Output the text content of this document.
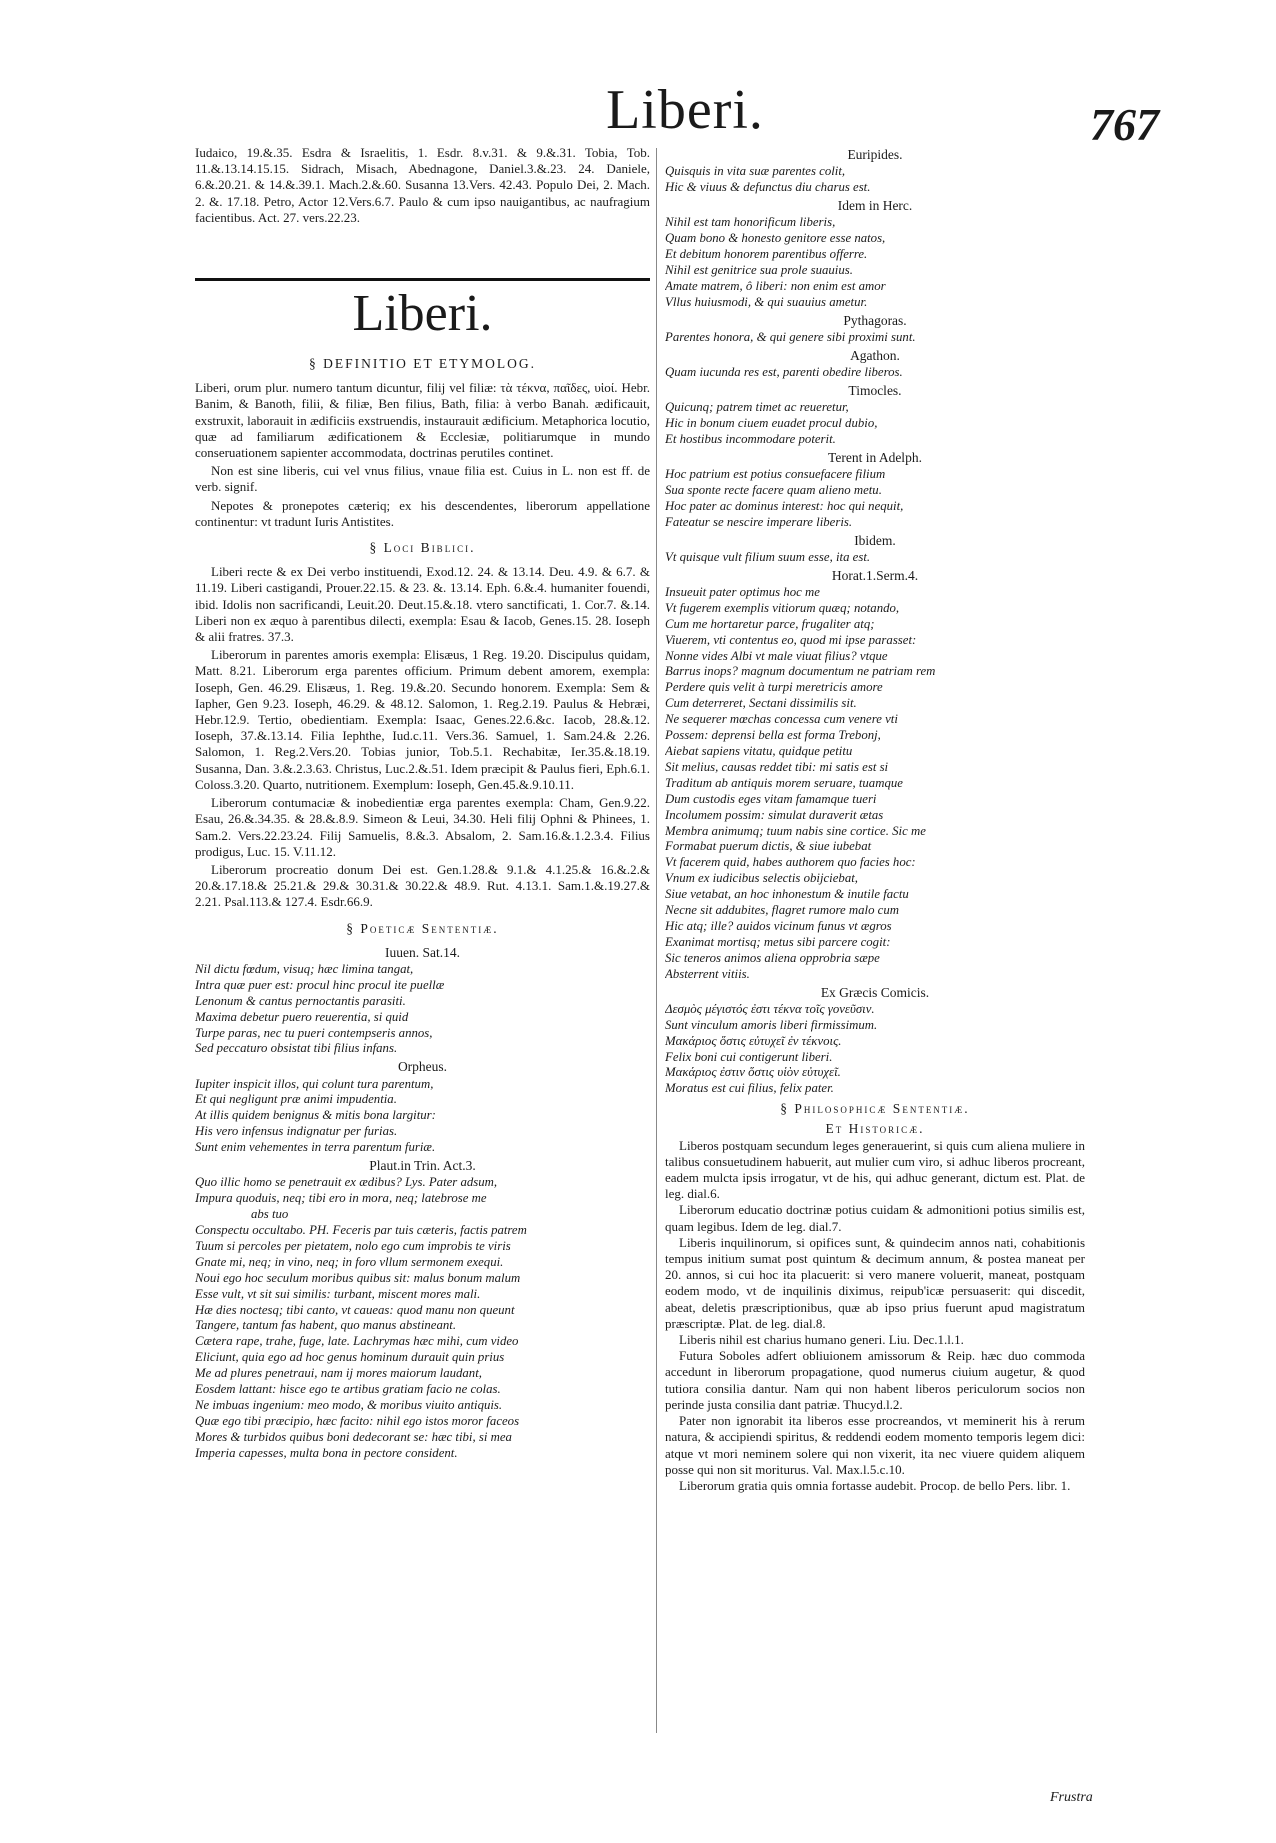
Liberi.	767

Iudaico, 19.&.35. Esdra & Israelitis, 1. Esdr. 8.v.31. & 9.&.31. Tobia, Tob. 11.&.13.14.15.15. Sidrach, Misach, Abednagone, Daniel.3.&.23. 24. Daniele, 6.&.20.21. & 14.&.39.1. Mach.2.&.60. Susanna 13.Vers. 42.43. Populo Dei, 2. Mach. 2. &. 17.18. Petro, Actor 12.Vers.6.7. Paulo & cum ipso nauigantibus, ac naufragium facientibus. Act. 27. vers.22.23.

Liberi.
§ DEFINITIO ET ETYMOLOG.

Liberi, orum plur. numero tantum dicuntur, filij vel filiæ: τὰ τέκνα, παῖδες, υἱοί. Hebr. Banim, & Banoth, filii, & filiæ, Ben filius, Bath, filia: à verbo Banah. ædificauit, exstruxit, laborauit in ædificiis exstruendis, instaurauit ædificium. Metaphorica locutio, quæ ad familiarum ædificationem & Ecclesiæ, politiarumque in mundo conseruationem sapienter accommodata, doctrinas perutiles continet.

Non est sine liberis, cui vel vnus filius, vnaue filia est. Cuius in L. non est ff. de verb. signif.

Nepotes & pronepotes cæteriq; ex his descendentes, liberorum appellatione continentur: vt tradunt Iuris Antistites.

§ Loci Biblici.

Liberi recte & ex Dei verbo instituendi, Exod.12. 24. & 13.14. Deu. 4.9. & 6.7. & 11.19. Liberi castigandi, Prouer.22.15. & 23. &. 13.14. Eph. 6.&.4. humaniter fouendi, ibid. Idolis non sacrificandi, Leuit.20. Deut.15.&.18. vtero sanctificati, 1. Cor.7. &.14. Liberi non ex æquo à parentibus dilecti, exempla: Esau & Iacob, Genes.15. 28. Ioseph & alii fratres. 37.3.

Liberorum in parentes amoris exempla: Elisæus, 1 Reg. 19.20. Discipulus quidam, Matt. 8.21. Liberorum erga parentes officium. Primum debent amorem, exempla: Ioseph, Gen. 46.29. Elisæus, 1. Reg. 19.&.20. Secundo honorem. Exempla: Sem & Iapher, Gen 9.23. Ioseph, 46.29. & 48.12. Salomon, 1. Reg.2.19. Paulus & Hebræi, Hebr.12.9. Tertio, obedientiam. Exempla: Isaac, Genes.22.6.&c. Iacob, 28.&.12. Ioseph, 37.&.13.14. Filia Iephthe, Iud.c.11. Vers.36. Samuel, 1. Sam.24.& 2.26. Salomon, 1. Reg.2.Vers.20. Tobias junior, Tob.5.1. Rechabitæ, Ier.35.&.18.19. Susanna, Dan. 3.&.2.3.63. Christus, Luc.2.&.51. Idem præcipit & Paulus fieri, Eph.6.1. Coloss.3.20. Quarto, nutritionem. Exemplum: Ioseph, Gen.45.&.9.10.11.

Liberorum contumaciæ & inobedientiæ erga parentes exempla: Cham, Gen.9.22. Esau, 26.&.34.35. & 28.&.8.9. Simeon & Leui, 34.30. Heli filij Ophni & Phinees, 1. Sam.2. Vers.22.23.24. Filij Samuelis, 8.&.3. Absalom, 2. Sam.16.&.1.2.3.4. Filius prodigus, Luc. 15. V.11.12.

Liberorum procreatio donum Dei est. Gen.1.28.& 9.1.& 4.1.25.& 16.&.2.& 20.&.17.18.& 25.21.& 29.& 30.31.& 30.22.& 48.9. Rut. 4.13.1. Sam.1.&.19.27.& 2.21. Psal.113.& 127.4. Esdr.66.9.

§ Poeticæ Sententiæ.
Iuuen. Sat.14.
Nil dictu fœdum, visuq; hæc limina tangat,
Intra quæ puer est: procul hinc procul ite puellæ
Lenonum & cantus pernoctantis parasiti.
Maxima debetur puero reuerentia, si quid
Turpe paras, nec tu pueri contempseris annos,
Sed peccaturo obsistat tibi filius infans.
Orpheus.
Iupiter inspicit illos, qui colunt tura parentum,
Et qui negligunt præ animi impudentia.
At illis quidem benignus & mitis bona largitur:
His vero infensus indignatur per furias.
Sunt enim vehementes in terra parentum furiæ.
Plaut.in Trin. Act.3.
Quo illic homo se penetrauit ex ædibus? Lys. Pater adsum,
Impura quoduis, neq; tibi ero in mora, neq; latebrose me
abs tuo
Conspectu occultabo. PH. Feceris par tuis cæteris, factis patrem
Tuum si percoles per pietatem, nolo ego cum improbis te viris
Gnate mi, neq; in vino, neq; in foro vllum sermonem exequi.
Noui ego hoc seculum moribus quibus sit: malus bonum malum
Esse vult, vt sit sui similis: turbant, miscent mores mali.
Hæ dies noctesq; tibi canto, vt caueas: quod manu non queunt
Tangere, tantum fas habent, quo manus abstineant.
Cætera rape, trahe, fuge, late. Lachrymas hæc mihi, cum video
Eliciunt, quia ego ad hoc genus hominum durauit quin prius
Me ad plures penetraui, nam ij mores maiorum laudant,
Eosdem lattant: hisce ego te artibus gratiam facio ne colas.
Ne imbuas ingenium: meo modo, & moribus viuito antiquis.
Quæ ego tibi præcipio, hæc facito: nihil ego istos moror faceos
Mores & turbidos quibus boni dedecorant se: hæc tibi, si mea
Imperia capesses, multa bona in pectore consident.
Euripides.
Quisquis in vita suæ parentes colit,
Hic & viuus & defunctus diu charus est.
Idem in Herc.
Nihil est tam honorificum liberis,
Quam bono & honesto genitore esse natos,
Et debitum honorem parentibus offerre.
Nihil est genitrice sua prole suauius.
Amate matrem, ô liberi: non enim est amor
Vllus huiusmodi, & qui suauius ametur.
Pythagoras.
Parentes honora, & qui genere sibi proximi sunt.
Agathon.
Quam iucunda res est, parenti obedire liberos.
Timocles.
Quicunq; patrem timet ac reueretur,
Hic in bonum ciuem euadet procul dubio,
Et hostibus incommodare poterit.
Terent in Adelph.
Hoc patrium est potius consuefacere filium
Sua sponte recte facere quam alieno metu.
Hoc pater ac dominus interest: hoc qui nequit,
Fateatur se nescire imperare liberis.
Ibidem.
Vt quisque vult filium suum esse, ita est.
Horat.1.Serm.4.
Insueuit pater optimus hoc me
Vt fugerem exemplis vitiorum quæq; notando,
Cum me hortaretur parce, frugaliter atq;
Viuerem, vti contentus eo, quod mi ipse parasset:
Nonne vides Albi vt male viuat filius? vtque
Barrus inops? magnum documentum ne patriam rem
Perdere quis velit à turpi meretricis amore
Cum deterreret, Sectani dissimilis sit.
Ne sequerer mœchas concessa cum venere vti
Possem: deprensi bella est forma Trebonj,
Aiebat sapiens vitatu, quidque petitu
Sit melius, causas reddet tibi: mi satis est si
Traditum ab antiquis morem seruare, tuamque
Dum custodis eges vitam famamque tueri
Incolumem possim: simulat duraverit ætas
Membra animumq; tuum nabis sine cortice. Sic me
Formabat puerum dictis, & siue iubebat
Vt facerem quid, habes authorem quo facies hoc:
Vnum ex iudicibus selectis obijciebat,
Siue vetabat, an hoc inhonestum & inutile factu
Necne sit addubites, flagret rumore malo cum
Hic atq; ille? auidos vicinum funus vt ægros
Exanimat mortisq; metus sibi parcere cogit:
Sic teneros animos aliena opprobria sæpe
Absterrent vitiis.
Ex Græcis Comicis.
Δεσμὸς μέγιστός ἐστι τέκνα τοῖς γονεῦσιν.
Sunt vinculum amoris liberi firmissimum.
Μακάριος ὅστις εὐτυχεῖ ἐν τέκνοις.
Felix boni cui contigerunt liberi.
Μακάριος ἐστιν ὅστις υἱὸν εὐτυχεῖ.
Moratus est cui filius, felix pater.
§ Philosophicæ Sententiæ.
Et Historicæ.

Liberos postquam secundum leges generauerint, si quis cum aliena muliere in talibus consuetudinem habuerit, aut mulier cum viro, si adhuc liberos procreant, eadem mulcta ipsis irrogatur, vt de his, qui adhuc generant, dictum est. Plat. de leg. dial.6.

Liberorum educatio doctrinæ potius cuidam & admonitioni potius similis est, quam legibus. Idem de leg. dial.7.

Liberis inquilinorum, si opifices sunt, & quindecim annos nati, cohabitionis tempus initium sumat post quintum & decimum annum, & postea maneat per 20. annos, si cui hoc ita placuerit: si vero manere voluerit, maneat, postquam eodem modo, vt de inquilinis diximus, reipub'icæ persuaserit: qui discedit, abeat, deletis præscriptionibus, quæ ab ipso prius fuerunt apud magistratum præscriptæ. Plat. de leg. dial.8.

Liberis nihil est charius humano generi. Liu. Dec.1.l.1.

Futura Soboles adfert obliuionem amissorum & Reip. hæc duo commoda accedunt in liberorum propagatione, quod numerus ciuium augetur, & quod tutiora consilia dantur. Nam qui non habent liberos periculorum socios non perinde justa consilia dant patriæ. Thucyd.l.2.

Pater non ignorabit ita liberos esse procreandos, vt meminerit his à rerum natura, & accipiendi spiritus, & reddendi eodem momento temporis legem dici: atque vt mori neminem solere qui non vixerit, ita nec viuere quidem aliquem posse qui non sit moriturus. Val. Max.l.5.c.10.

Liberorum gratia quis omnia fortasse audebit. Procop. de bello Pers. libr. 1.

Frustra
